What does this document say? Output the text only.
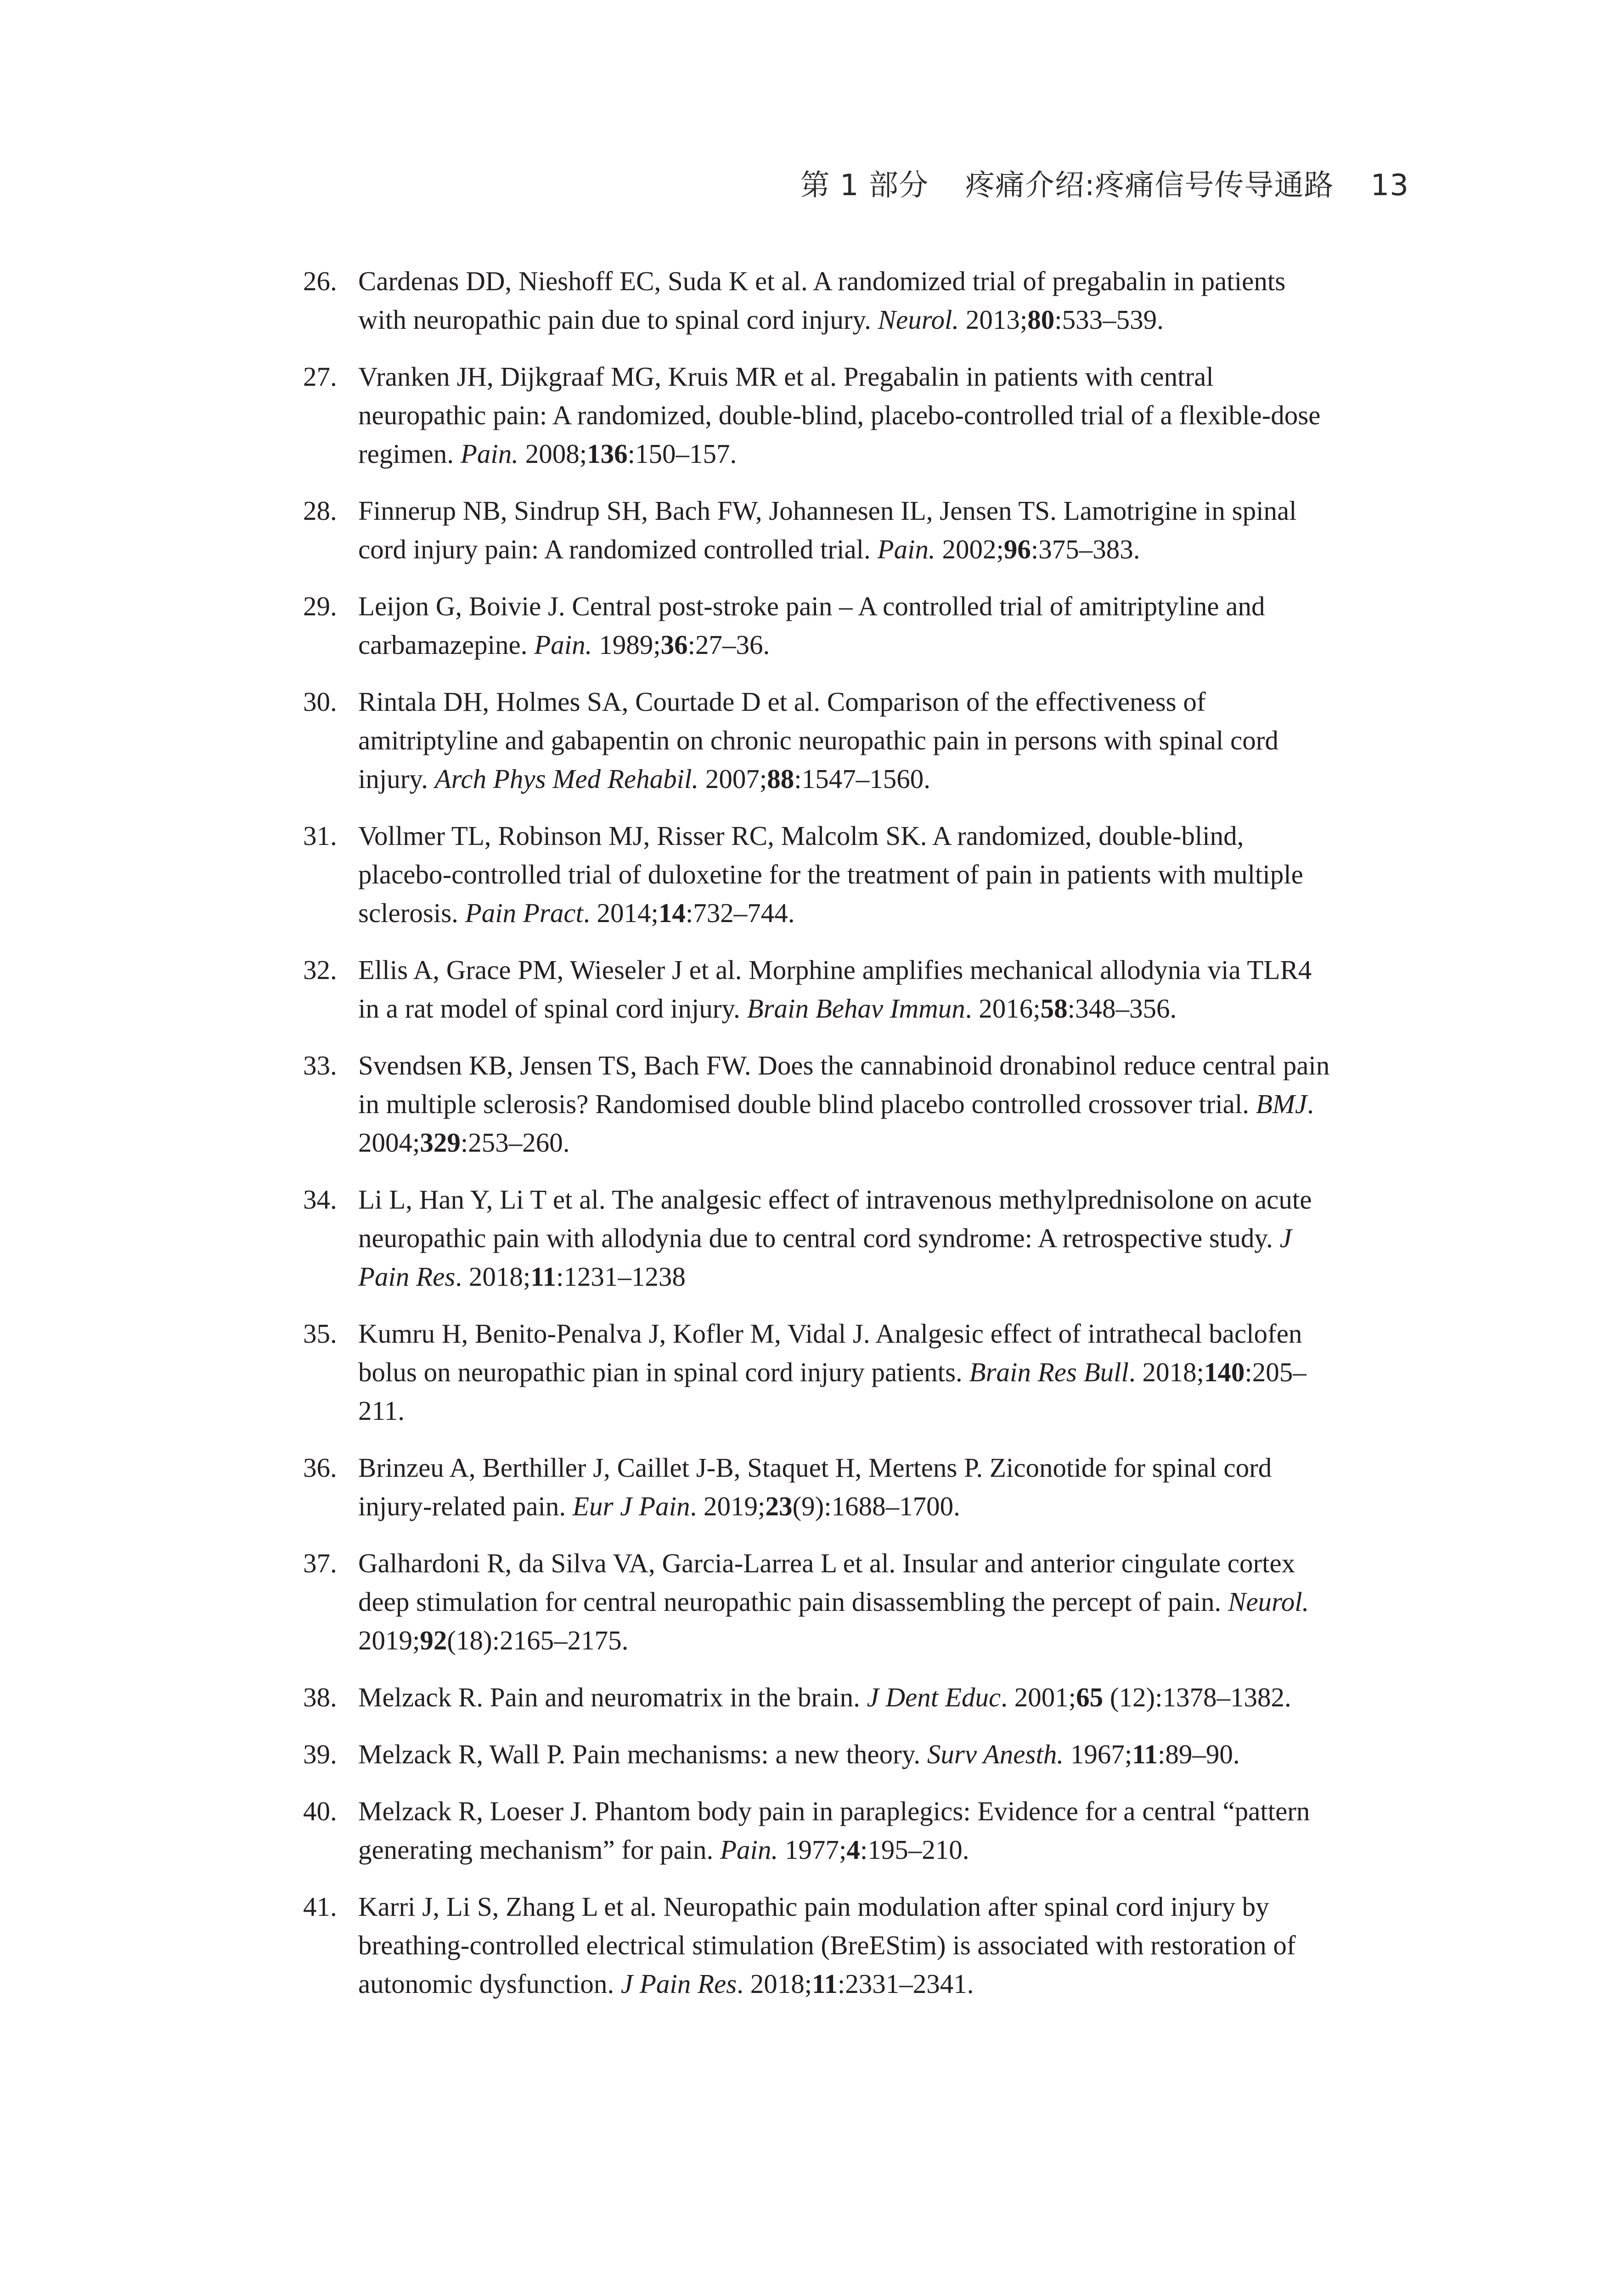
第 1 部分 疼痛介绍:疼痛信号传导通路 13
26. Cardenas DD, Nieshoff EC, Suda K et al. A randomized trial of pregabalin in patients with neuropathic pain due to spinal cord injury. Neurol. 2013;80:533–539.
27. Vranken JH, Dijkgraaf MG, Kruis MR et al. Pregabalin in patients with central neuropathic pain: A randomized, double-blind, placebo-controlled trial of a flexible-dose regimen. Pain. 2008;136:150–157.
28. Finnerup NB, Sindrup SH, Bach FW, Johannesen IL, Jensen TS. Lamotrigine in spinal cord injury pain: A randomized controlled trial. Pain. 2002;96:375–383.
29. Leijon G, Boivie J. Central post-stroke pain – A controlled trial of amitriptyline and carbamazepine. Pain. 1989;36:27–36.
30. Rintala DH, Holmes SA, Courtade D et al. Comparison of the effectiveness of amitriptyline and gabapentin on chronic neuropathic pain in persons with spinal cord injury. Arch Phys Med Rehabil. 2007;88:1547–1560.
31. Vollmer TL, Robinson MJ, Risser RC, Malcolm SK. A randomized, double-blind, placebo-controlled trial of duloxetine for the treatment of pain in patients with multiple sclerosis. Pain Pract. 2014;14:732–744.
32. Ellis A, Grace PM, Wieseler J et al. Morphine amplifies mechanical allodynia via TLR4 in a rat model of spinal cord injury. Brain Behav Immun. 2016;58:348–356.
33. Svendsen KB, Jensen TS, Bach FW. Does the cannabinoid dronabinol reduce central pain in multiple sclerosis? Randomised double blind placebo controlled crossover trial. BMJ. 2004;329:253–260.
34. Li L, Han Y, Li T et al. The analgesic effect of intravenous methylprednisolone on acute neuropathic pain with allodynia due to central cord syndrome: A retrospective study. J Pain Res. 2018;11:1231–1238
35. Kumru H, Benito-Penalva J, Kofler M, Vidal J. Analgesic effect of intrathecal baclofen bolus on neuropathic pian in spinal cord injury patients. Brain Res Bull. 2018;140:205–211.
36. Brinzeu A, Berthiller J, Caillet J-B, Staquet H, Mertens P. Ziconotide for spinal cord injury-related pain. Eur J Pain. 2019;23(9):1688–1700.
37. Galhardoni R, da Silva VA, Garcia-Larrea L et al. Insular and anterior cingulate cortex deep stimulation for central neuropathic pain disassembling the percept of pain. Neurol. 2019;92(18):2165–2175.
38. Melzack R. Pain and neuromatrix in the brain. J Dent Educ. 2001;65 (12):1378–1382.
39. Melzack R, Wall P. Pain mechanisms: a new theory. Surv Anesth. 1967;11:89–90.
40. Melzack R, Loeser J. Phantom body pain in paraplegics: Evidence for a central “pattern generating mechanism” for pain. Pain. 1977;4:195–210.
41. Karri J, Li S, Zhang L et al. Neuropathic pain modulation after spinal cord injury by breathing-controlled electrical stimulation (BreEStim) is associated with restoration of autonomic dysfunction. J Pain Res. 2018;11:2331–2341.
